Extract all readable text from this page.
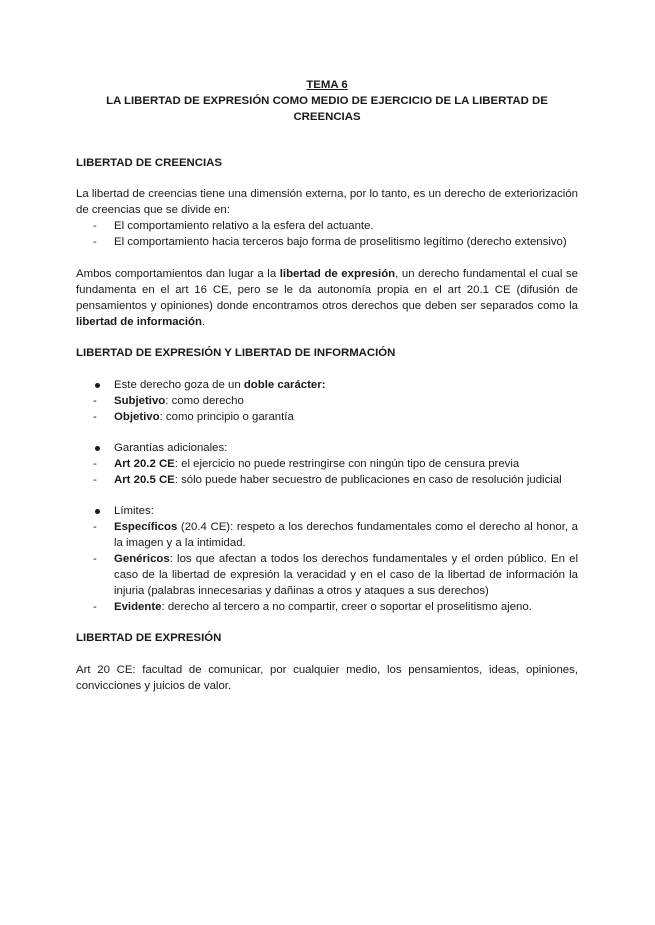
TEMA 6

LA LIBERTAD DE EXPRESIÓN COMO MEDIO DE EJERCICIO DE LA LIBERTAD DE CREENCIAS
LIBERTAD DE CREENCIAS

La libertad de creencias tiene una dimensión externa, por lo tanto, es un derecho de exteriorización de creencias que se divide en:

- El comportamiento relativo a la esfera del actuante.
- El comportamiento hacia terceros bajo forma de proselitismo legítimo (derecho extensivo)

Ambos comportamientos dan lugar a la libertad de expresión, un derecho fundamental el cual se fundamenta en el art 16 CE, pero se le da autonomía propia en el art 20.1 CE (difusión de pensamientos y opiniones) donde encontramos otros derechos que deben ser separados como la libertad de información.

LIBERTAD DE EXPRESIÓN Y LIBERTAD DE INFORMACIÓN
Este derecho goza de un doble carácter:
- Subjetivo: como derecho
- Objetivo: como principio o garantía
Garantías adicionales:
- Art 20.2 CE: el ejercicio no puede restringirse con ningún tipo de censura previa
- Art 20.5 CE: sólo puede haber secuestro de publicaciones en caso de resolución judicial
Límites:
- Específicos (20.4 CE): respeto a los derechos fundamentales como el derecho al honor, a la imagen y a la intimidad.
- Genéricos: los que afectan a todos los derechos fundamentales y el orden público. En el caso de la libertad de expresión la veracidad y en el caso de la libertad de información la injuria (palabras innecesarias y dañinas a otros y ataques a sus derechos)
- Evidente: derecho al tercero a no compartir, creer o soportar el proselitismo ajeno.
LIBERTAD DE EXPRESIÓN

Art 20 CE: facultad de comunicar, por cualquier medio, los pensamientos, ideas, opiniones, convicciones y juicios de valor.
